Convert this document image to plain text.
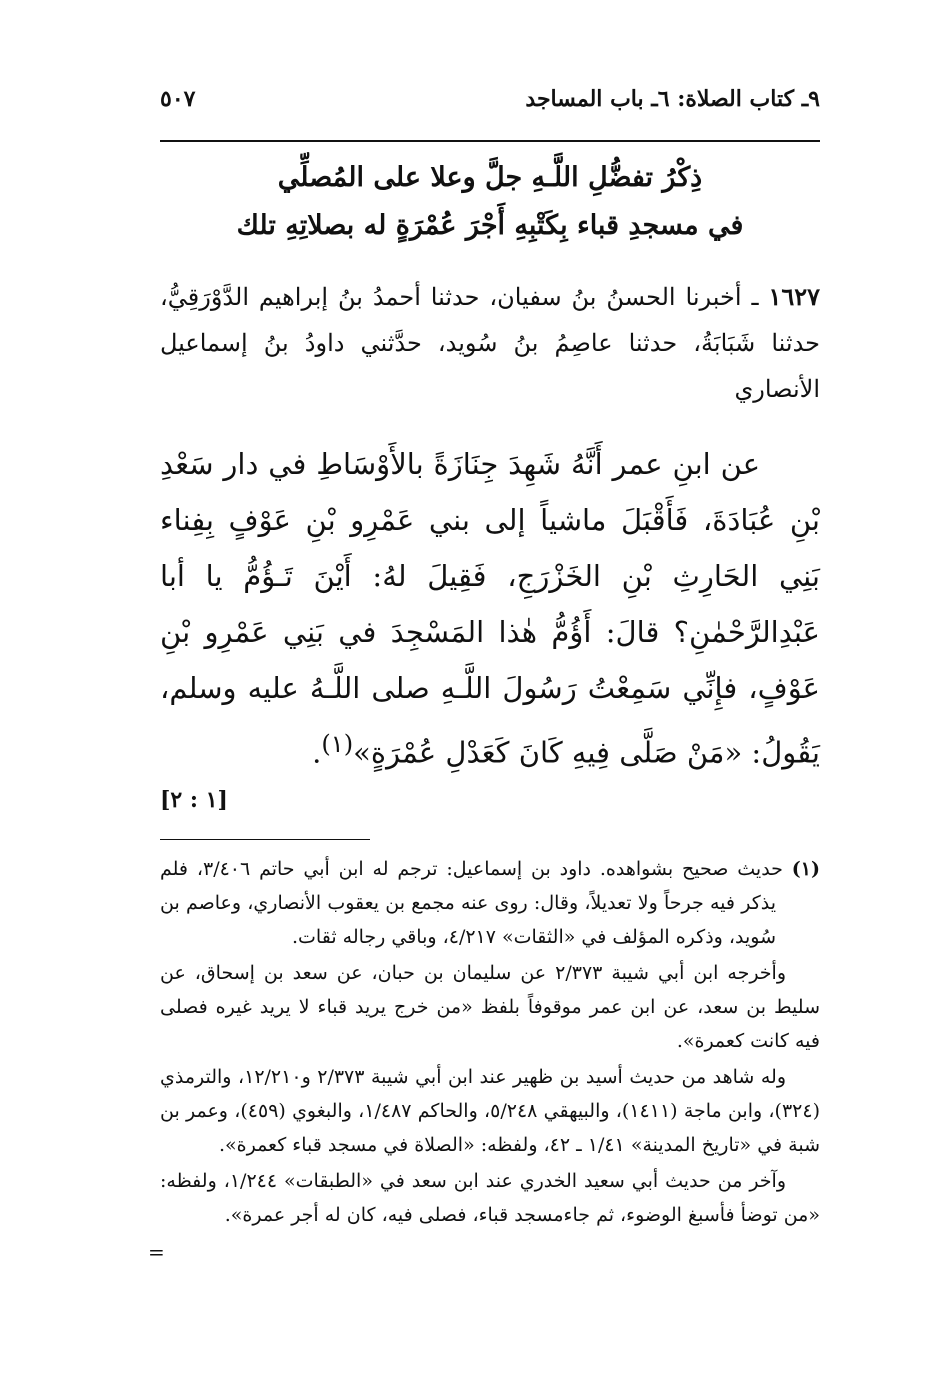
٩ـ كتاب الصلاة: ٦ـ باب المساجد
٥٠٧
ذِكْرُ تفضُّلِ اللَّـهِ جلَّ وعلا على المُصلِّي
في مسجدِ قباء بِكَتْبِهِ أَجْرَ عُمْرَةٍ له بصلاتِهِ تلك
١٦٢٧ ـ أخبرنا الحسنُ بنُ سفيان، حدثنا أحمدُ بنُ إبراهيم الدَّوْرَقِيُّ، حدثنا شَبَابَةُ، حدثنا عاصِمُ بنُ سُويد، حدَّثني داودُ بنُ إسماعيل الأنصاري
عن ابنِ عمر أَنَّهُ شَهِدَ جِنَازَةً بالأَوْسَاطِ في دار سَعْدِ بْنِ عُبَادَةَ، فَأَقْبَلَ ماشياً إلى بني عَمْرِو بْنِ عَوْفٍ بِفِناء بَنِي الحَارِثِ بْنِ الخَزْرَجِ، فَقِيلَ لهُ: أَيْنَ تَـؤُمُّ يا أبا عَبْدِالرَّحْمٰنِ؟ قالَ: أَؤُمُّ هٰذا المَسْجِدَ في بَنِي عَمْرِو بْنِ عَوْفٍ، فإِنِّي سَمِعْتُ رَسُولَ اللَّـهِ صلى اللَّـهُ عليه وسلم، يَقُولُ: «مَنْ صَلَّى فِيهِ كَانَ كَعَدْلِ عُمْرَةٍ»$^{(١)}$.
[١ : ٢]

(١) حديث صحيح بشواهده. داود بن إسماعيل: ترجم له ابن أبي حاتم ٣/٤٠٦، فلم يذكر فيه جرحاً ولا تعديلاً، وقال: روى عنه مجمع بن يعقوب الأنصاري، وعاصم بن سُويد، وذكره المؤلف في «الثقات» ٤/٢١٧، وباقي رجاله ثقات.

وأخرجه ابن أبي شيبة ٢/٣٧٣ عن سليمان بن حبان، عن سعد بن إسحاق، عن سليط بن سعد، عن ابن عمر موقوفاً بلفظ «من خرج يريد قباء لا يريد غيره فصلى فيه كانت كعمرة».

وله شاهد من حديث أسيد بن ظهير عند ابن أبي شيبة ٢/٣٧٣ و١٢/٢١٠، والترمذي (٣٢٤)، وابن ماجة (١٤١١)، والبيهقي ٥/٢٤٨، والحاكم ١/٤٨٧، والبغوي (٤٥٩)، وعمر بن شبة في «تاريخ المدينة» ١/٤١ ـ ٤٢، ولفظه: «الصلاة في مسجد قباء كعمرة».

وآخر من حديث أبي سعيد الخدري عند ابن سعد في «الطبقات» ١/٢٤٤، ولفظه: «من توضأ فأسبغ الوضوء، ثم جاءمسجد قباء، فصلى فيه، كان له أجر عمرة».

=
